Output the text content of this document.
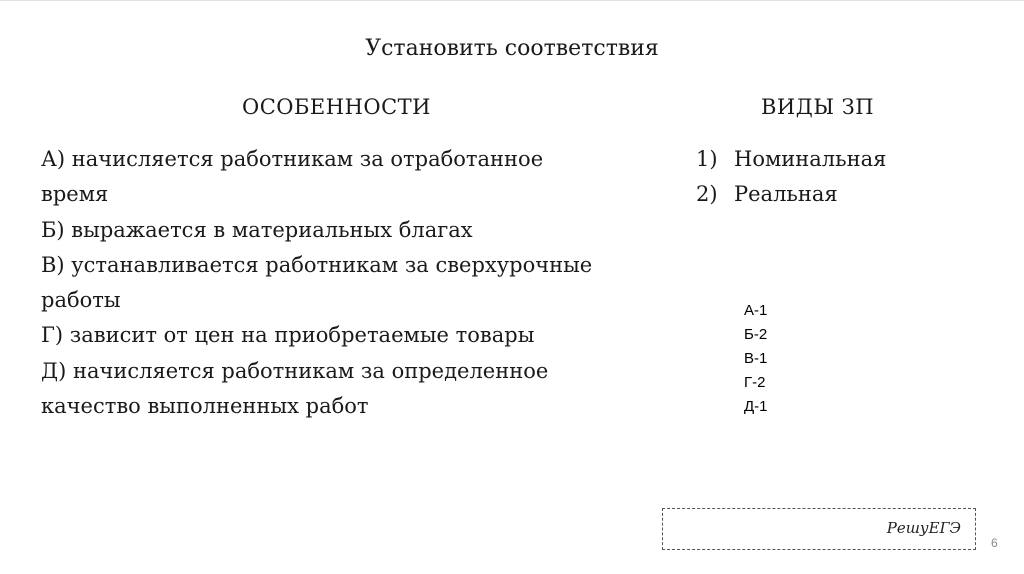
Установить соответствия
ОСОБЕННОСТИ	ВИДЫ ЗП
А) начисляется работникам за отработанное
время
Б) выражается в материальных благах
В) устанавливается работникам за сверхурочные
работы
Г) зависит от цен на приобретаемые товары
Д) начисляется работникам за определенное
качество выполненных работ
1) Номинальная
2) Реальная
А-1
Б-2
В-1
Г-2
Д-1
РешуЕГЭ
6
